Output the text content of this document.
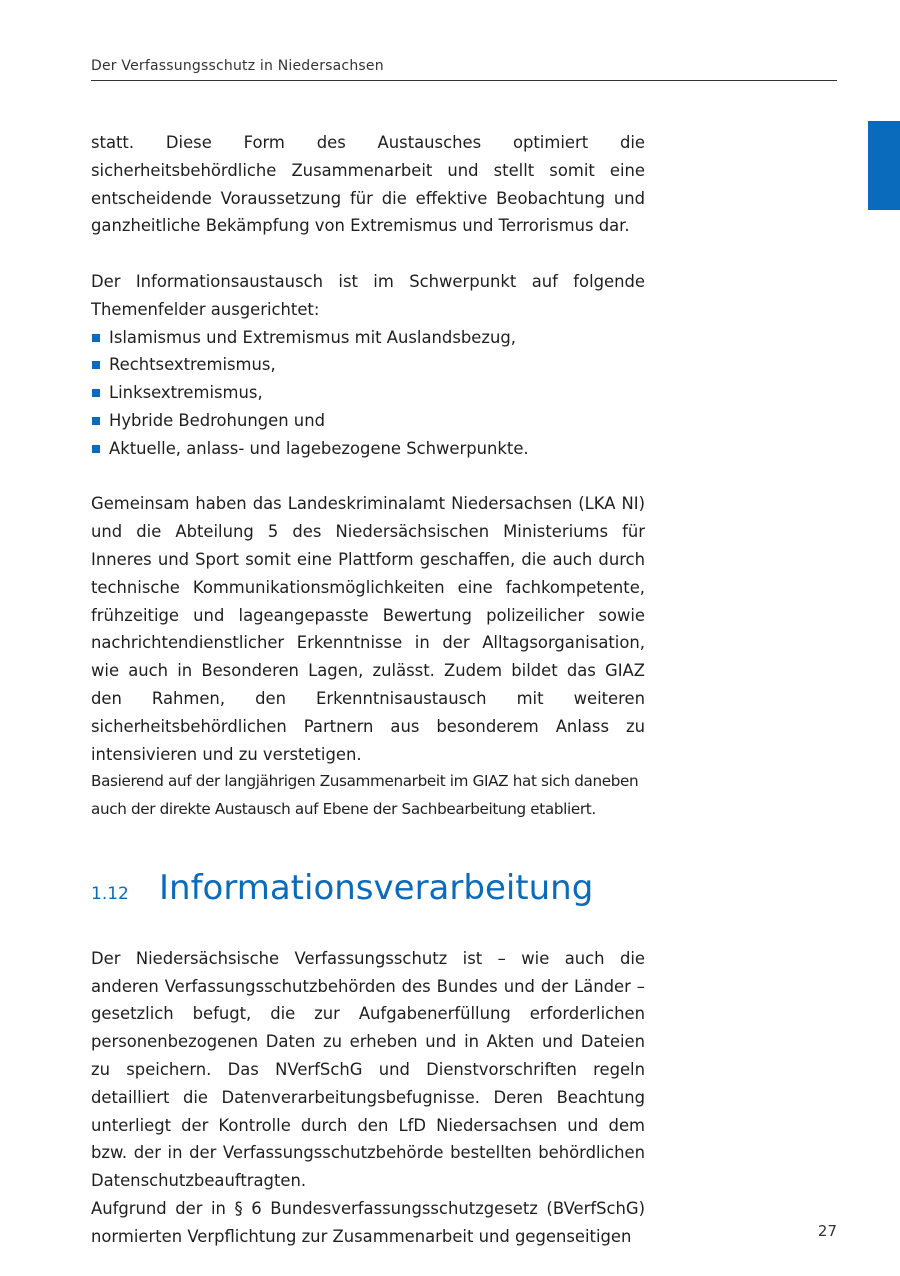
Der Verfassungsschutz in Niedersachsen

statt. Diese Form des Austausches optimiert die sicherheitsbehördliche Zusammenarbeit und stellt somit eine entscheidende Voraussetzung für die effektive Beobachtung und ganzheitliche Bekämpfung von Extremismus und Terrorismus dar.

Der Informationsaustausch ist im Schwerpunkt auf folgende Themenfelder ausgerichtet:

Islamismus und Extremismus mit Auslandsbezug,
Rechtsextremismus,
Linksextremismus,
Hybride Bedrohungen und
Aktuelle, anlass- und lagebezogene Schwerpunkte.

Gemeinsam haben das Landeskriminalamt Niedersachsen (LKA NI) und die Abteilung 5 des Niedersächsischen Ministeriums für Inneres und Sport somit eine Plattform geschaffen, die auch durch technische Kommunikationsmöglichkeiten eine fachkompetente, frühzeitige und lageangepasste Bewertung polizeilicher sowie nachrichtendienstlicher Erkenntnisse in der Alltagsorganisation, wie auch in Besonderen Lagen, zulässt. Zudem bildet das GIAZ den Rahmen, den Erkenntnisaustausch mit weiteren sicherheitsbehördlichen Partnern aus besonderem Anlass zu intensivieren und zu verstetigen.

Basierend auf der langjährigen Zusammenarbeit im GIAZ hat sich daneben auch der direkte Austausch auf Ebene der Sachbearbeitung etabliert.

1.12 Informationsverarbeitung

Der Niedersächsische Verfassungsschutz ist – wie auch die anderen Verfassungsschutzbehörden des Bundes und der Länder – gesetzlich befugt, die zur Aufgabenerfüllung erforderlichen personenbezogenen Daten zu erheben und in Akten und Dateien zu speichern. Das NVerfSchG und Dienstvorschriften regeln detailliert die Datenverarbeitungsbefugnisse. Deren Beachtung unterliegt der Kontrolle durch den LfD Niedersachsen und dem bzw. der in der Verfassungsschutzbehörde bestellten behördlichen Datenschutzbeauftragten.

Aufgrund der in § 6 Bundesverfassungsschutzgesetz (BVerfSchG) normierten Verpflichtung zur Zusammenarbeit und gegenseitigen	27
